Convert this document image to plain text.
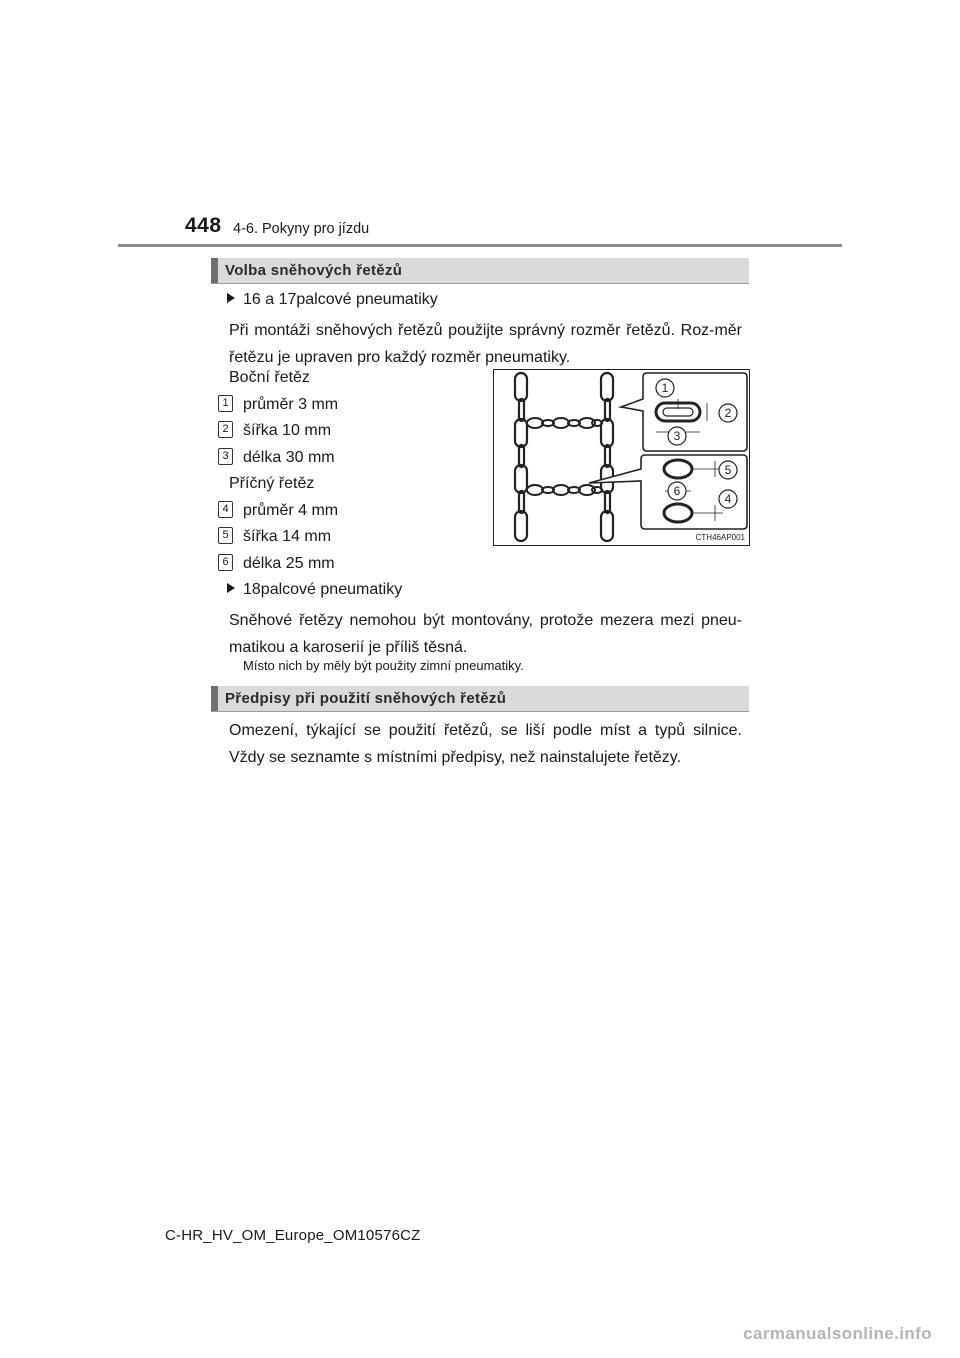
448 4-6. Pokyny pro jízdu
Volba sněhových řetězů
16 a 17palcové pneumatiky
Při montáži sněhových řetězů použijte správný rozměr řetězů. Roz-měr řetězu je upraven pro každý rozměr pneumatiky.
Boční řetěz
1 průměr 3 mm
2 šířka 10 mm
3 délka 30 mm
Příčný řetěz
4 průměr 4 mm
5 šířka 14 mm
6 délka 25 mm
1
2
3
4
5
6
CTH46AP001
18palcové pneumatiky
Sněhové řetězy nemohou být montovány, protože mezera mezi pneu-matikou a karoserií je příliš těsná.
Místo nich by měly být použity zimní pneumatiky.
Předpisy při použití sněhových řetězů
Omezení, týkající se použití řetězů, se liší podle míst a typů silnice. Vždy se seznamte s místními předpisy, než nainstalujete řetězy.
C-HR_HV_OM_Europe_OM10576CZ
carmanualsonline.info
